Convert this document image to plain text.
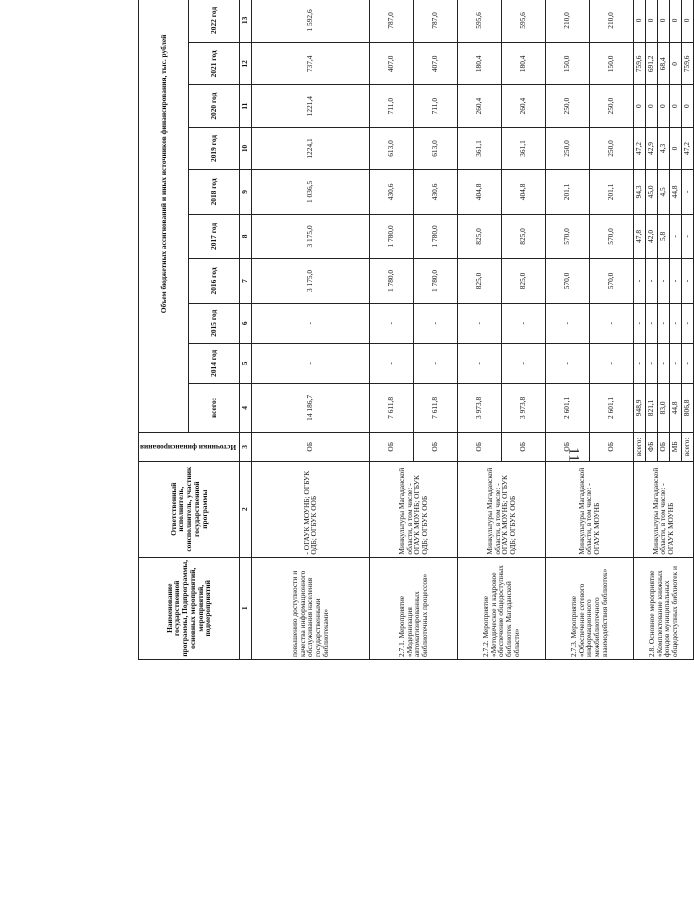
11
Наименование государственной программы, Подпрограммы, основных мероприятий, мероприятий, подмероприятий	Ответственный исполнитель, соисполнитель, участник государственной программы	Источники финансирования	Объем бюджетных ассигнований и иных источников финансирования, тыс. рублей											
			всего:	2014 год	2015 год	2016 год	2017 год	2018 год	2019 год	2020 год	2021 год	2022 год		
1	2	3	4	5	6	7	8	9	10	11	12	13		
повышению доступности и качества информационного обслуживания населения государственными библиотеками»	- ОГАУК МОУНБ; ОГБУК ОДБ; ОГБУК ООБ	ОБ	14 186,7	-	-	3 175,0	3 175,0	1 036,5	1224,1	1221,4	737,4	1 592,6		
2.7.1. Мероприятие «Модернизация автоматизированных библиотечных процессов»	Минкультуры Магаданской области, в том числе: - ОГАУК МОУНБ; ОГБУК ОДБ; ОГБУК ООБ	ОБ	7 611,8	-	-	1 780,0	1 780,0	430,6	613,0	711,0	407,0	787,0		
		ОБ	7 611,8	-	-	1 780,0	1 780,0	430,6	613,0	711,0	407,0	787,0		
2.7.2. Мероприятие «Методическое и кадровое обеспечение общедоступных библиотек Магаданской области»	Минкультуры Магаданской области, в том числе: - ОГАУК МОУНБ; ОГБУК ОДБ; ОГБУК ООБ	ОБ	3 973,8	-	-	825,0	825,0	404,8	361,1	260,4	180,4	595,6		
		ОБ	3 973,8	-	-	825,0	825,0	404,8	361,1	260,4	180,4	595,6		
2.7.3. Мероприятие «Обеспечение сетевого информационного межбиблиотечного взаимодействия библиотек»	Минкультуры Магаданской области, в том числе: - ОГАУК МОУНБ	ОБ	2 601,1	-	-	570,0	570,0	201,1	250,0	250,0	150,0	210,0		
		ОБ	2 601,1	-	-	570,0	570,0	201,1	250,0	250,0	150,0	210,0		
2.8. Основное мероприятие «Комплектование книжных фондов муниципальных общедоступных библиотек и	Минкультуры Магаданской области, в том числе: - ОГАУК МОУНБ	всего:	948,9	-	-	-	47,8	94,3	47,2	0	759,6	0		
		ФБ	821,1	-	-	-	42,0	45,0	42,9	0	691,2	0		
		ОБ	83,0	-	-	-	5,8	4,5	4,3	0	68,4	0		
		МБ	44,8	-	-	-	-	44,8	0	0	0	0		
		всего:	806,8	-	-	-	-	-	47,2	0	759,6	0		
